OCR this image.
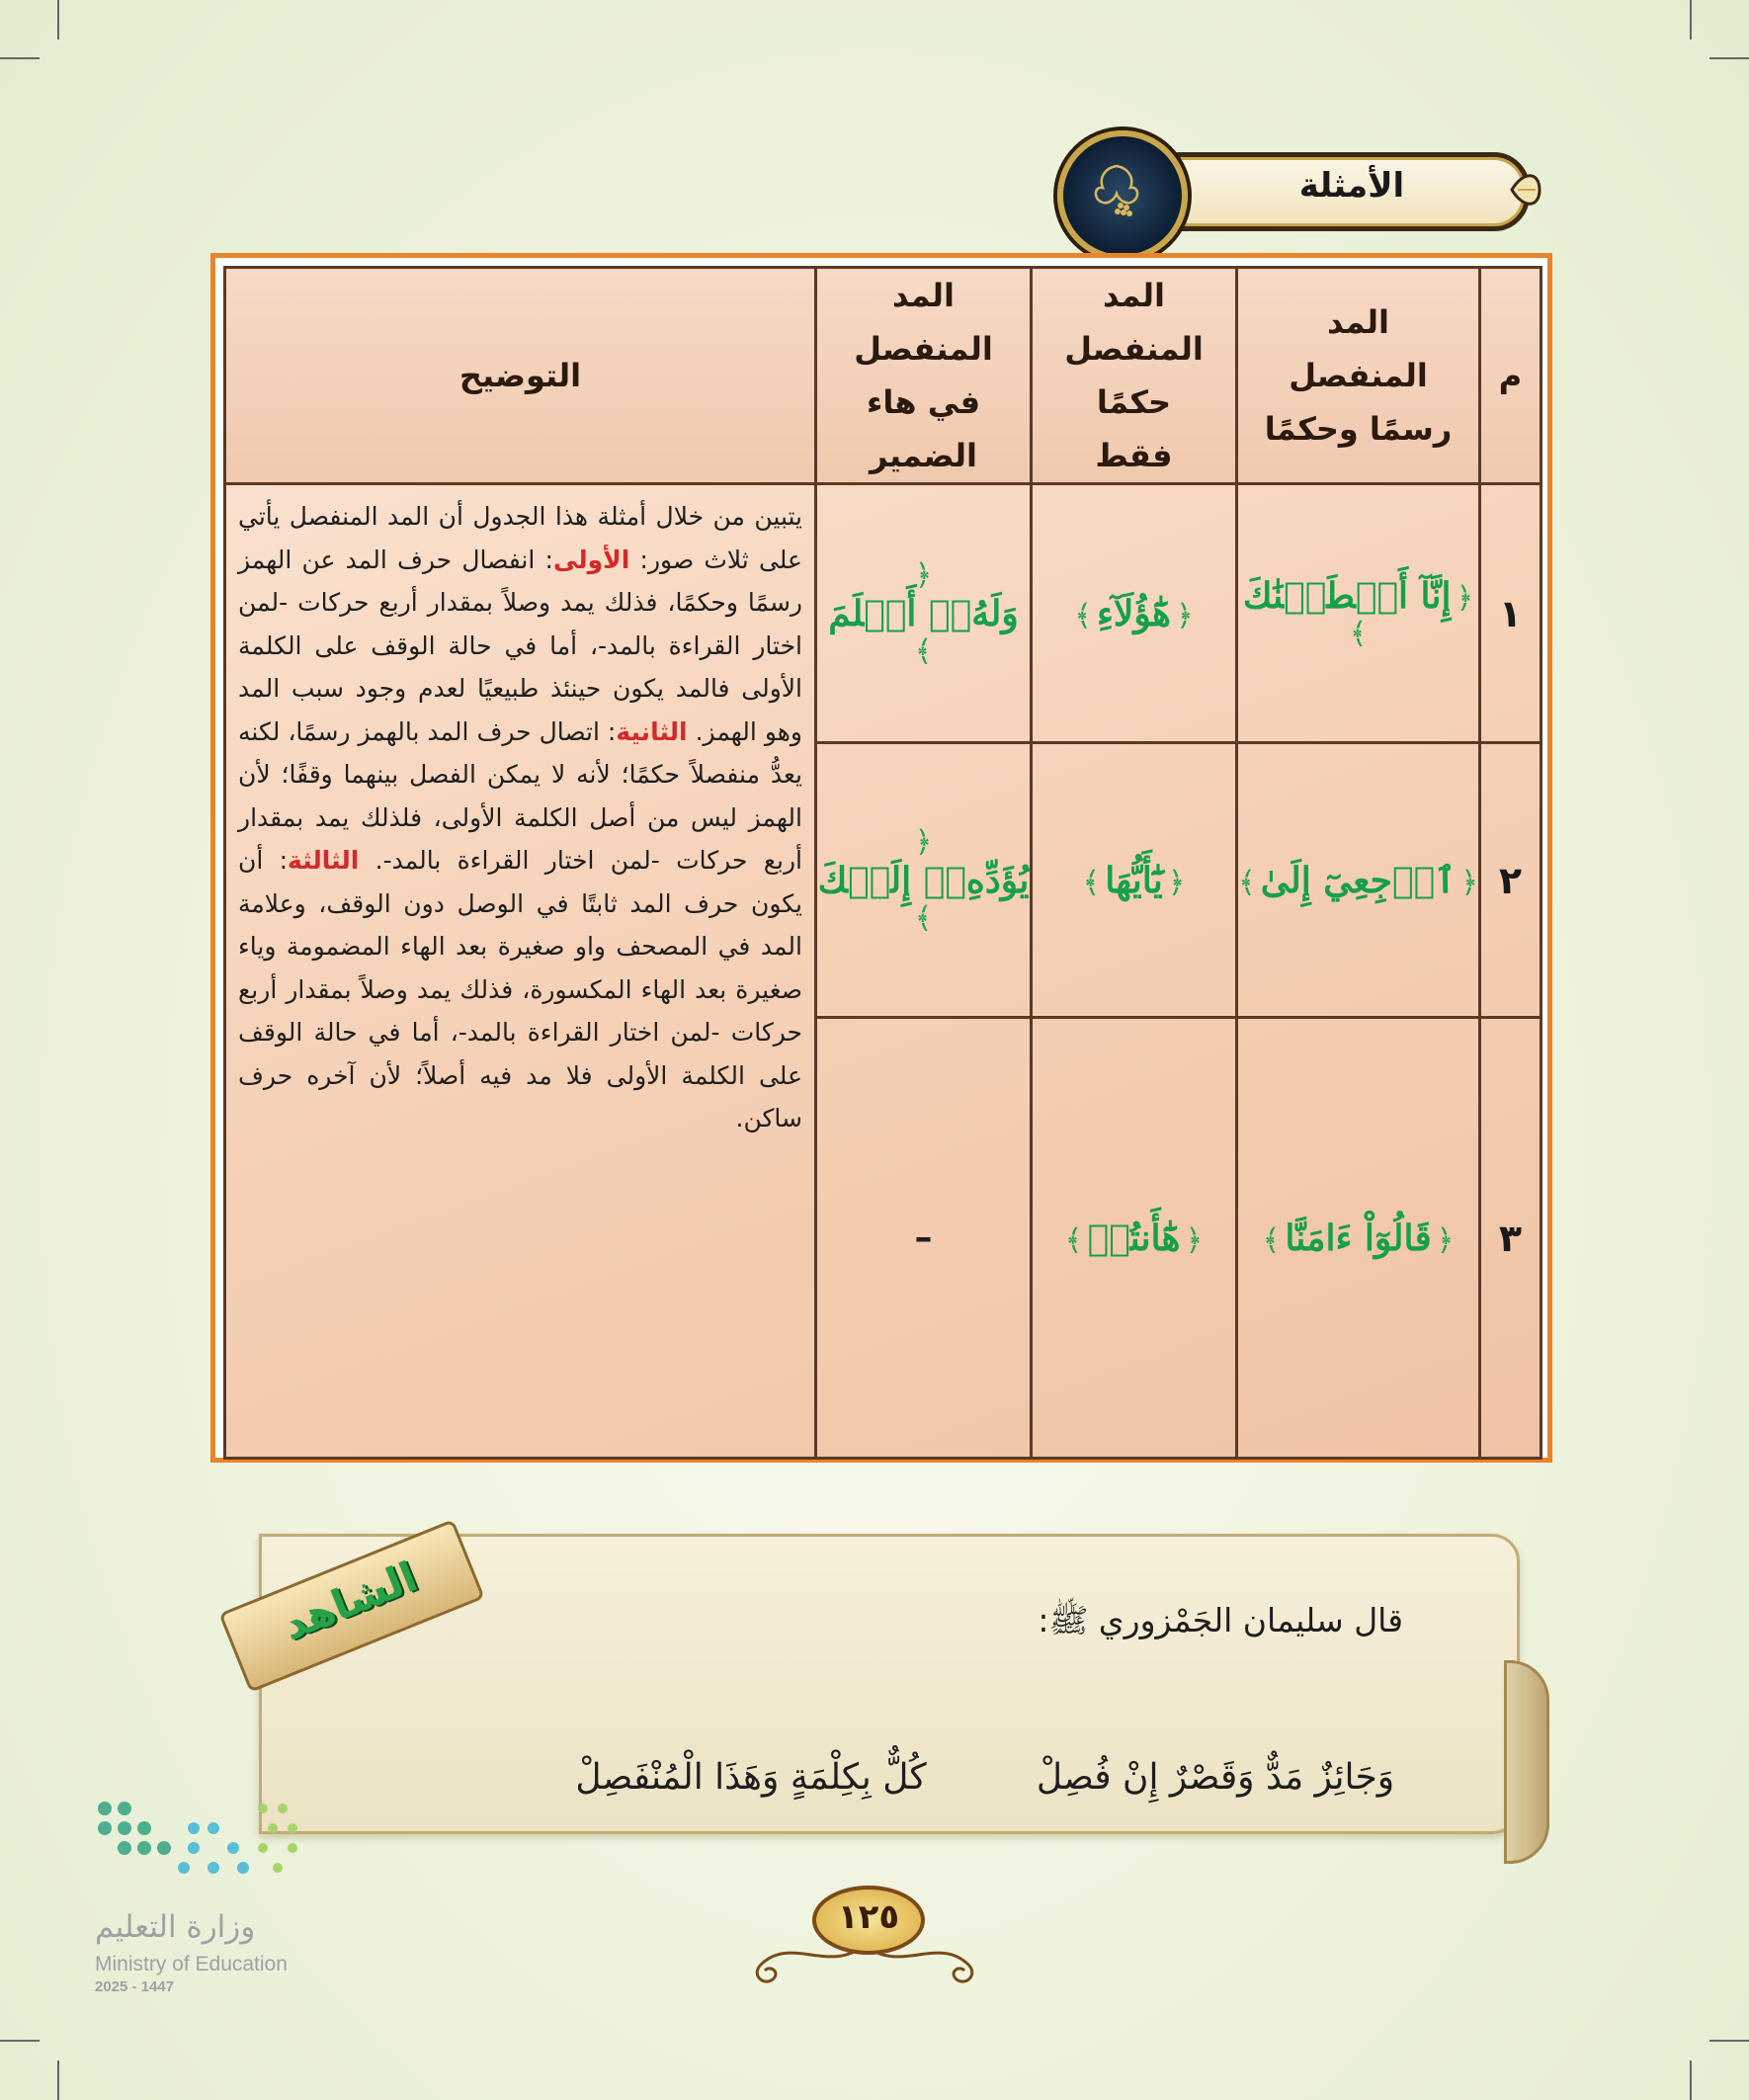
الأمثلة
م	المد المنفصل رسمًا وحكمًا	المد المنفصل حكمًا فقط	المد المنفصل في هاء الضمير	التوضيح
١	﴿ إِنَّآ أَعۡطَيۡنَٰكَ ﴾	﴿ هَٰٓؤُلَآءِ ﴾	﴿ وَلَهُۥٓ أَسۡلَمَ ﴾	يتبين من خلال أمثلة هذا الجدول أن المد المنفصل يأتي على ثلاث صور: الأولى: انفصال حرف المد عن الهمز رسمًا وحكمًا، فذلك يمد وصلاً بمقدار أربع حركات -لمن اختار القراءة بالمد-، أما في حالة الوقف على الكلمة الأولى فالمد يكون حينئذ طبيعيًا لعدم وجود سبب المد وهو الهمز. الثانية: اتصال حرف المد بالهمز رسمًا، لكنه يعدُّ منفصلاً حكمًا؛ لأنه لا يمكن الفصل بينهما وقفًا؛ لأن الهمز ليس من أصل الكلمة الأولى، فلذلك يمد بمقدار أربع حركات -لمن اختار القراءة بالمد-. الثالثة: أن يكون حرف المد ثابتًا في الوصل دون الوقف، وعلامة المد في المصحف واو صغيرة بعد الهاء المضمومة وياء صغيرة بعد الهاء المكسورة، فذلك يمد وصلاً بمقدار أربع حركات -لمن اختار القراءة بالمد-، أما في حالة الوقف على الكلمة الأولى فلا مد فيه أصلاً؛ لأن آخره حرف ساكن.
٢	﴿ ٱرۡجِعِيٓ إِلَىٰ ﴾	﴿ يَٰٓأَيُّهَا ﴾	﴿ يُؤَدِّهِۦٓ إِلَيۡكَ ﴾	
٣	﴿ قَالُوٓاْ ءَامَنَّا ﴾	﴿ هَٰٓأَنتُمۡ ﴾	–	
الشاهد	قال سليمان الجَمْزوري ﷺ:
وَجَائِزٌ مَدٌّ وَقَصْرٌ إِنْ فُصِلْ
كُلٌّ بِكِلْمَةٍ وَهَذَا الْمُنْفَصِلْ
١٢٥
وزارة التعليم
Ministry of Education
2025 - 1447
